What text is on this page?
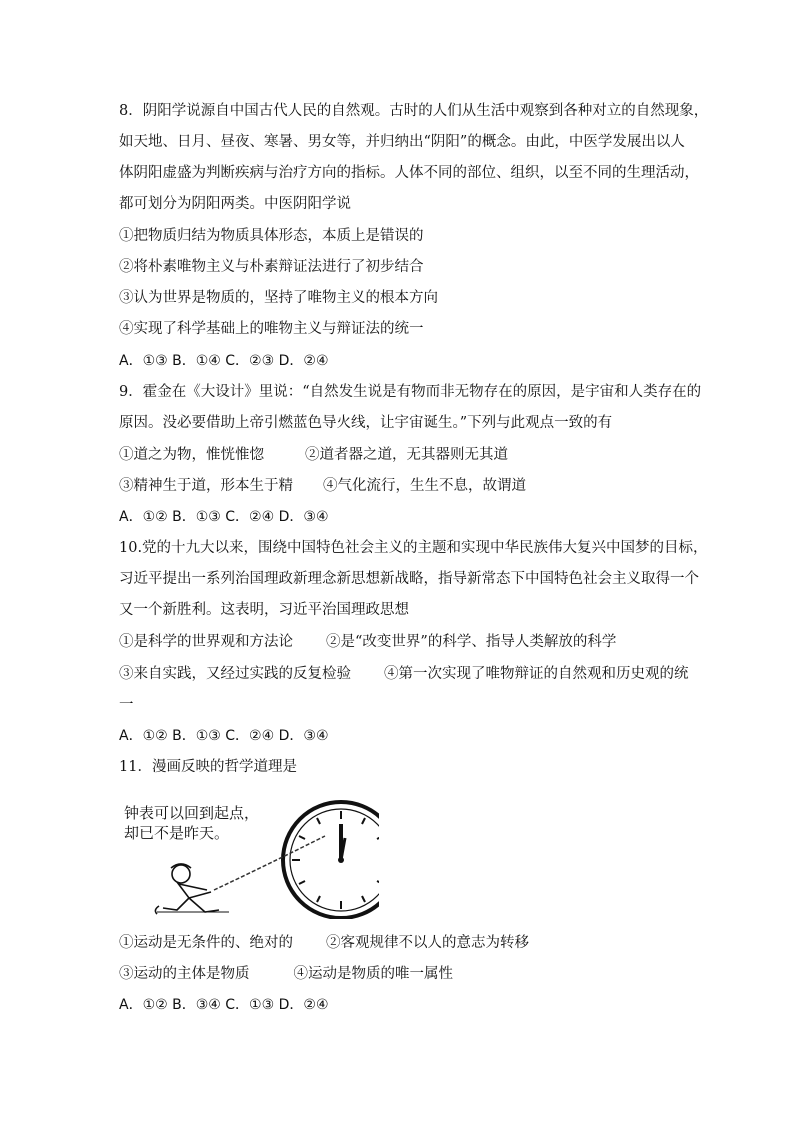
8．阴阳学说源自中国古代人民的自然观。古时的人们从生活中观察到各种对立的自然现象，
如天地、日月、昼夜、寒暑、男女等，并归纳出“阴阳”的概念。由此，中医学发展出以人
体阴阳虚盛为判断疾病与治疗方向的指标。人体不同的部位、组织，以至不同的生理活动，
都可划分为阴阳两类。中医阴阳学说
①把物质归结为物质具体形态，本质上是错误的
②将朴素唯物主义与朴素辩证法进行了初步结合
③认为世界是物质的，坚持了唯物主义的根本方向
④实现了科学基础上的唯物主义与辩证法的统一
A．①③ B．①④ C．②③ D．②④
9．霍金在《大设计》里说：“自然发生说是有物而非无物存在的原因，是宇宙和人类存在的
原因。没必要借助上帝引燃蓝色导火线，让宇宙诞生。”下列与此观点一致的有
①道之为物，惟恍惟惚	②道者器之道，无其器则无其道
③精神生于道，形本生于精 ④气化流行，生生不息，故谓道
A．①② B．①③ C．②④ D．③④
10.党的十九大以来，围绕中国特色社会主义的主题和实现中华民族伟大复兴中国梦的目标，
习近平提出一系列治国理政新理念新思想新战略，指导新常态下中国特色社会主义取得一个
又一个新胜利。这表明，习近平治国理政思想
①是科学的世界观和方法论 ②是“改变世界”的科学、指导人类解放的科学
③来自实践，又经过实践的反复检验 ④第一次实现了唯物辩证的自然观和历史观的统
一
A．①② B．①③ C．②④ D．③④
11．漫画反映的哲学道理是
钟表可以回到起点，
却已不是昨天。
①运动是无条件的、绝对的 ②客观规律不以人的意志为转移
③运动的主体是物质	④运动是物质的唯一属性
A．①② B．③④ C．①③ D．②④
